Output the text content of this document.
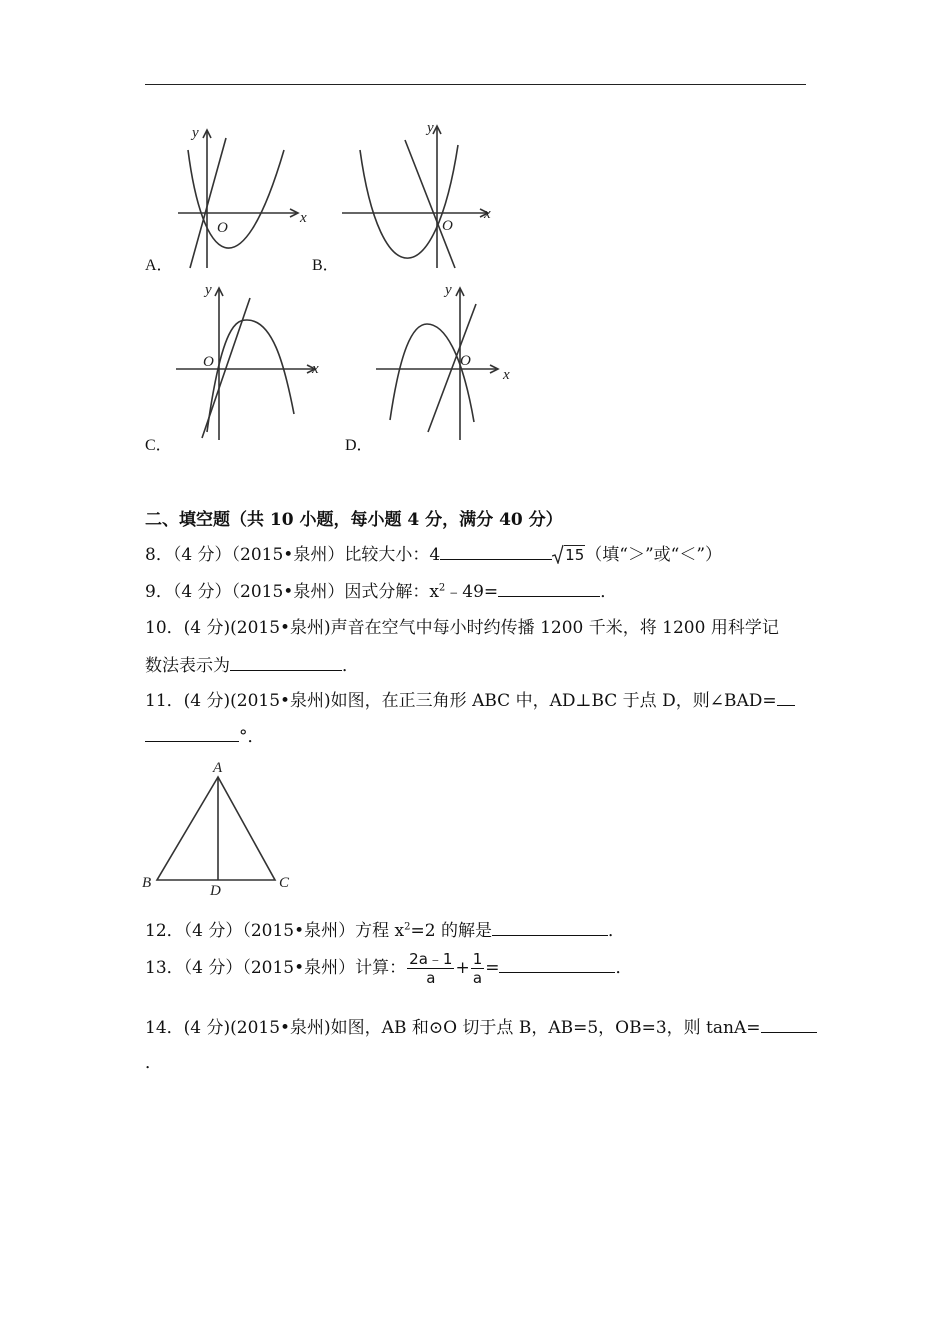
y
x
O
A．
y
x
O
B．
y
x
O
C．
y
x
O
D．
二、填空题（共 10 小题，每小题 4 分，满分 40 分）
8．（4 分）（2015•泉州）比较大小：4	15（填“＞”或“＜”）
9．（4 分）（2015•泉州）因式分解：$x^2﹣49=$	．
10．(4 分)(2015•泉州)声音在空气中每小时约传播 1200 千米，将 1200 用科学记
数法表示为	．
11．(4 分)(2015•泉州)如图，在正三角形 ABC 中，AD⊥BC 于点 D，则∠BAD=
°．
A
B	C
D
12．（4 分）（2015•泉州）方程 $x^2=2$ 的解是	．
13．（4 分）（2015•泉州）计算： $\frac{2a﹣1}{a} + \frac{1}{a}$ =	．
14．(4 分)(2015•泉州)如图，AB 和⊙O 切于点 B，AB=5，OB=3，则 tanA=
．
